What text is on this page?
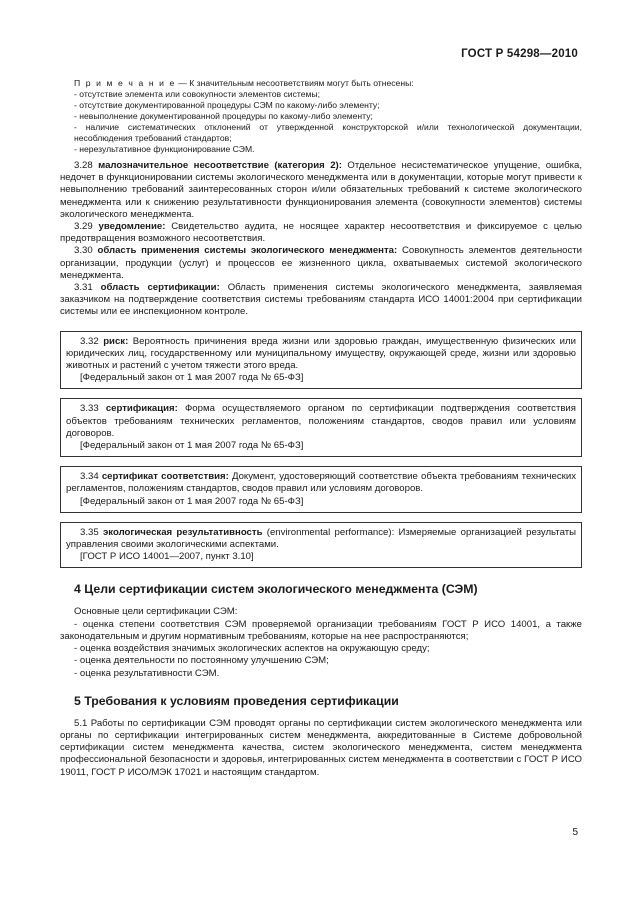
ГОСТ Р 54298—2010

П р и м е ч а н и е — К значительным несоответствиям могут быть отнесены:

- отсутствие элемента или совокупности элементов системы;

- отсутствие документированной процедуры СЭМ по какому-либо элементу;

- невыполнение документированной процедуры по какому-либо элементу;

- наличие систематических отклонений от утвержденной конструкторской и/или технологической документации, несоблюдения требований стандартов;

- нерезультативное функционирование СЭМ.

3.28 малозначительное несоответствие (категория 2): Отдельное несистематическое упущение, ошибка, недочет в функционировании системы экологического менеджмента или в документации, которые могут привести к невыполнению требований заинтересованных сторон и/или обязательных требований к системе экологического менеджмента или к снижению результативности функционирования элемента (совокупности элементов) системы экологического менеджмента.

3.29 уведомление: Свидетельство аудита, не носящее характер несоответствия и фиксируемое с целью предотвращения возможного несоответствия.

3.30 область применения системы экологического менеджмента: Совокупность элементов деятельности организации, продукции (услуг) и процессов ее жизненного цикла, охватываемых системой экологического менеджмента.

3.31 область сертификации: Область применения системы экологического менеджмента, заявляемая заказчиком на подтверждение соответствия системы требованиям стандарта ИСО 14001:2004 при сертификации системы или ее инспекционном контроле.

3.32 риск: Вероятность причинения вреда жизни или здоровью граждан, имущественную физических или юридических лиц, государственному или муниципальному имуществу, окружающей среде, жизни или здоровью животных и растений с учетом тяжести этого вреда.

[Федеральный закон от 1 мая 2007 года № 65-ФЗ]

3.33 сертификация: Форма осуществляемого органом по сертификации подтверждения соответствия объектов требованиям технических регламентов, положениям стандартов, сводов правил или условиям договоров.

[Федеральный закон от 1 мая 2007 года № 65-ФЗ]

3.34 сертификат соответствия: Документ, удостоверяющий соответствие объекта требованиям технических регламентов, положениям стандартов, сводов правил или условиям договоров.

[Федеральный закон от 1 мая 2007 года № 65-ФЗ]

3.35 экологическая результативность (environmental performance): Измеряемые организацией результаты управления своими экологическими аспектами.

[ГОСТ Р ИСО 14001—2007, пункт 3.10]

4 Цели сертификации систем экологического менеджмента (СЭМ)

Основные цели сертификации СЭМ:

- оценка степени соответствия СЭМ проверяемой организации требованиям ГОСТ Р ИСО 14001, а также законодательным и другим нормативным требованиям, которые на нее распространяются;

- оценка воздействия значимых экологических аспектов на окружающую среду;

- оценка деятельности по постоянному улучшению СЭМ;

- оценка результативности СЭМ.

5 Требования к условиям проведения сертификации

5.1 Работы по сертификации СЭМ проводят органы по сертификации систем экологического менеджмента или органы по сертификации интегрированных систем менеджмента, аккредитованные в Системе добровольной сертификации систем менеджмента качества, систем экологического менеджмента, систем менеджмента профессиональной безопасности и здоровья, интегрированных систем менеджмента в соответствии с ГОСТ Р ИСО 19011, ГОСТ Р ИСО/МЭК 17021 и настоящим стандартом.

5
